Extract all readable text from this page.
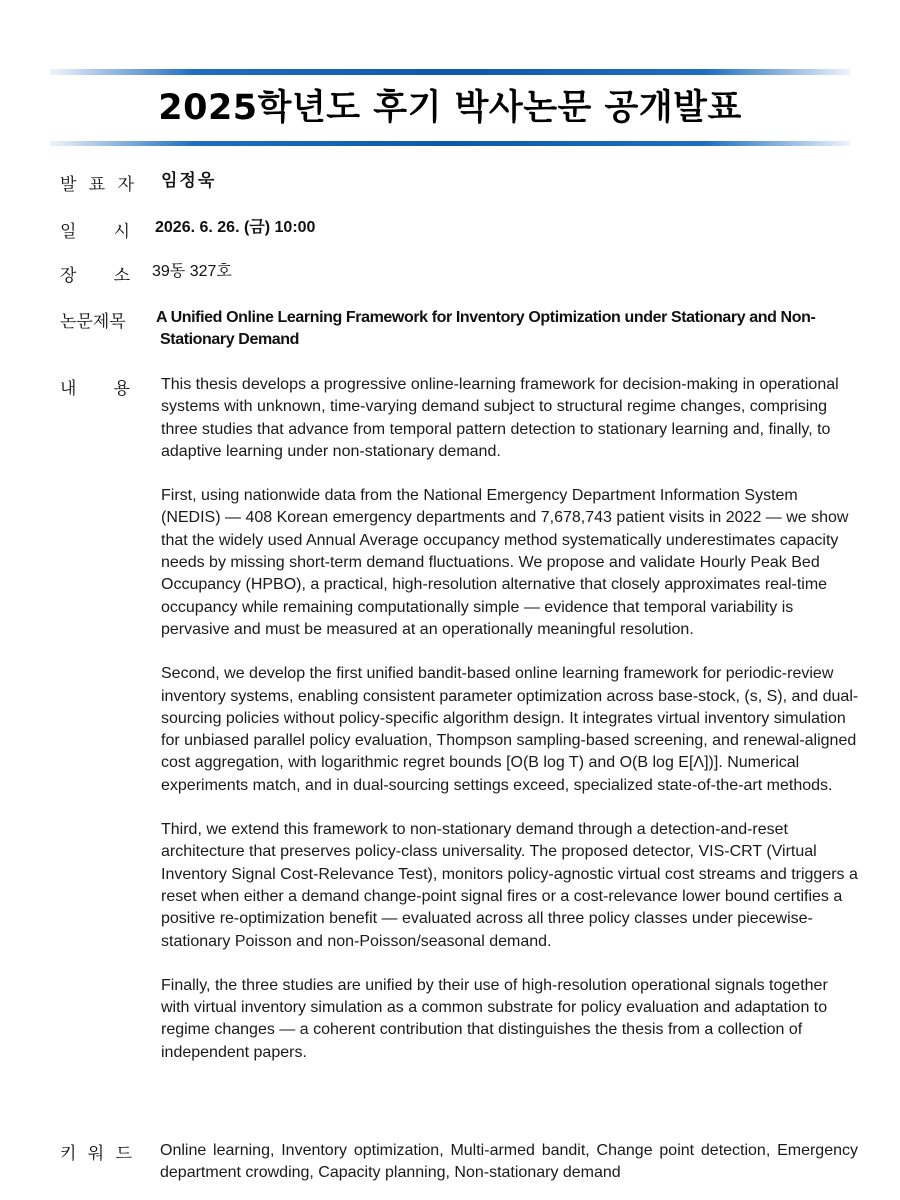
2025학년도 후기 박사논문 공개발표
발 표 자 임정욱
일 시 2026. 6. 26. (금) 10:00
장 소 39동 327호
논문제목	A Unified Online Learning Framework for Inventory Optimization under Stationary and Non-
Stationary Demand
내 용 This thesis develops a progressive online-learning framework for decision-making in operational systems with unknown, time-varying demand subject to structural regime changes, comprising three studies that advance from temporal pattern detection to stationary learning and, finally, to adaptive learning under non-stationary demand.

First, using nationwide data from the National Emergency Department Information System (NEDIS) — 408 Korean emergency departments and 7,678,743 patient visits in 2022 — we show that the widely used Annual Average occupancy method systematically underestimates capacity needs by missing short-term demand fluctuations. We propose and validate Hourly Peak Bed Occupancy (HPBO), a practical, high-resolution alternative that closely approximates real-time occupancy while remaining computationally simple — evidence that temporal variability is pervasive and must be measured at an operationally meaningful resolution.

Second, we develop the first unified bandit-based online learning framework for periodic-review inventory systems, enabling consistent parameter optimization across base-stock, (s, S), and dual-sourcing policies without policy-specific algorithm design. It integrates virtual inventory simulation for unbiased parallel policy evaluation, Thompson sampling-based screening, and renewal-aligned cost aggregation, with logarithmic regret bounds [O(B log T) and O(B log E[Λ])]. Numerical experiments match, and in dual-sourcing settings exceed, specialized state-of-the-art methods.

Third, we extend this framework to non-stationary demand through a detection-and-reset architecture that preserves policy-class universality. The proposed detector, VIS-CRT (Virtual Inventory Signal Cost-Relevance Test), monitors policy-agnostic virtual cost streams and triggers a reset when either a demand change-point signal fires or a cost-relevance lower bound certifies a positive re-optimization benefit — evaluated across all three policy classes under piecewise-stationary Poisson and non-Poisson/seasonal demand.

Finally, the three studies are unified by their use of high-resolution operational signals together with virtual inventory simulation as a common substrate for policy evaluation and adaptation to regime changes — a coherent contribution that distinguishes the thesis from a collection of independent papers.

키 워 드 Online learning, Inventory optimization, Multi-armed bandit, Change point detection, Emergency department crowding, Capacity planning, Non-stationary demand
